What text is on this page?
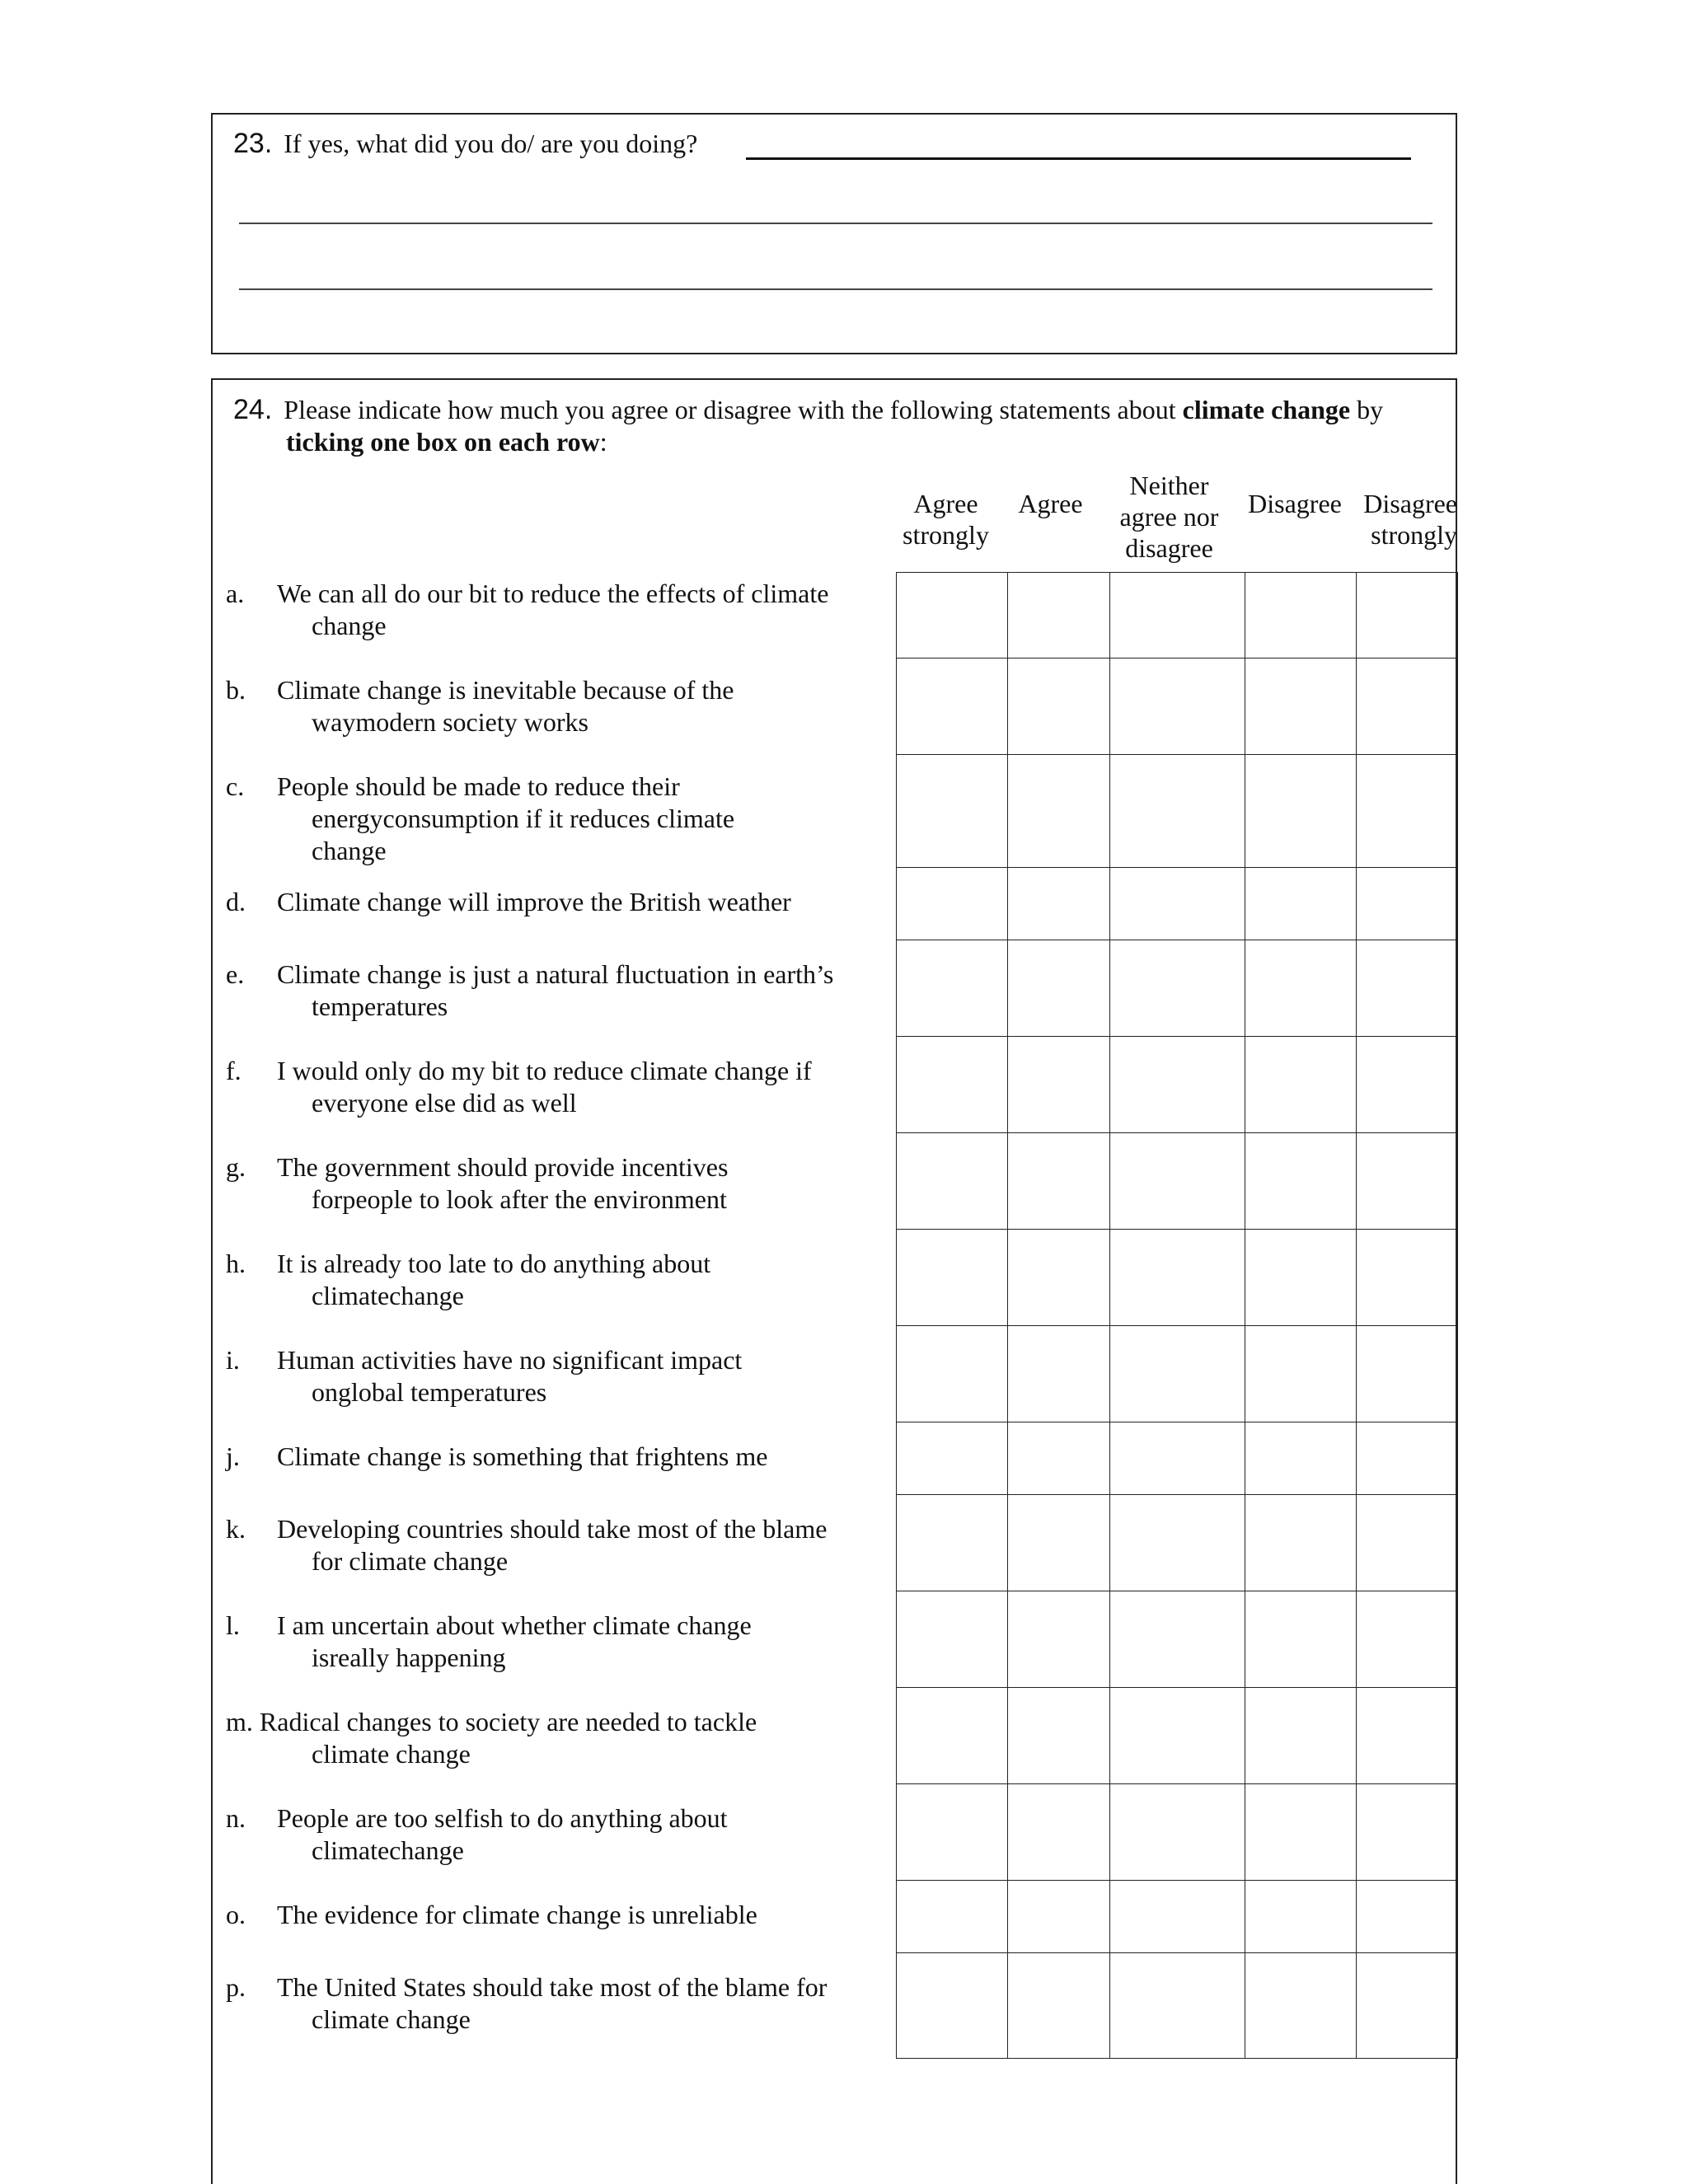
23. If yes, what did you do/ are you doing?
24. Please indicate how much you agree or disagree with the following statements about climate change by
ticking one box on each row:
Agree
strongly
Agree
Neither
agree nor
disagree
Disagree Disagree
strongly
a. We can all do our bit to reduce the effects of climate
change
b. Climate change is inevitable because of the
waymodern society works
c. People should be made to reduce their
energyconsumption if it reduces climate
change
d. Climate change will improve the British weather
e. Climate change is just a natural fluctuation in earth’s
temperatures
f. I would only do my bit to reduce climate change if
everyone else did as well
g. The government should provide incentives
forpeople to look after the environment
h. It is already too late to do anything about
climatechange
i. Human activities have no significant impact
onglobal temperatures
j. Climate change is something that frightens me
k. Developing countries should take most of the blame
for climate change
l. I am uncertain about whether climate change
isreally happening
m. Radical changes to society are needed to tackle
climate change
n. People are too selfish to do anything about
climatechange
o. The evidence for climate change is unreliable
p. The United States should take most of the blame for
climate change
